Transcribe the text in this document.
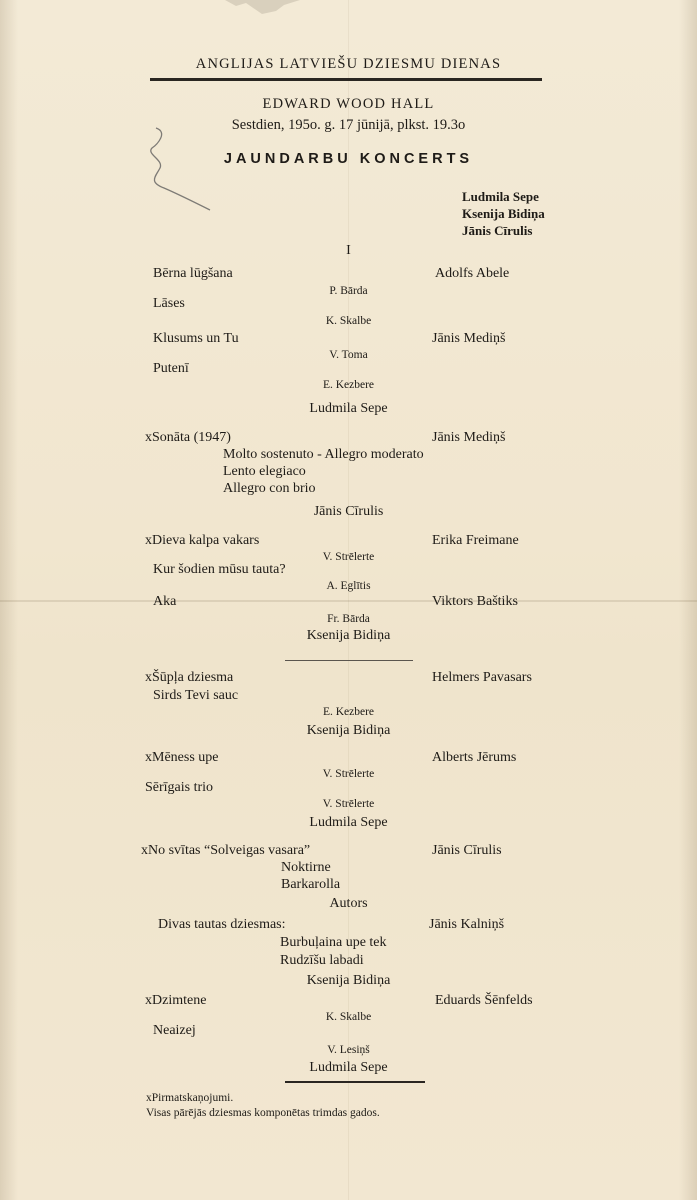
ANGLIJAS LATVIEŠU DZIESMU DIENAS
EDWARD WOOD HALL
Sestdien, 195o. g. 17 jūnijā, plkst. 19.3o
JAUNDARBU KONCERTS
Ludmila Sepe
Ksenija Bidiņa
Jānis Cīrulis
I
Bērna lūgšana	Adolfs Abele
P. Bārda
Lāses
K. Skalbe
Klusums un Tu	Jānis Mediņš
V. Toma
Putenī
E. Kezbere
Ludmila Sepe
xSonāta (1947)	Jānis Mediņš
Molto sostenuto - Allegro moderato
Lento elegiaco
Allegro con brio
Jānis Cīrulis
xDieva kalpa vakars	Erika Freimane
V. Strēlerte
Kur šodien mūsu tauta?
A. Eglītis
Aka	Viktors Baštiks
Fr. Bārda
Ksenija Bidiņa
xŠūpļa dziesma	Helmers Pavasars
Sirds Tevi sauc
E. Kezbere
Ksenija Bidiņa
xMēness upe	Alberts Jērums
V. Strēlerte
Sērīgais trio
V. Strēlerte
Ludmila Sepe
xNo svītas “Solveigas vasara”	Jānis Cīrulis
Noktirne
Barkarolla
Autors
Divas tautas dziesmas:	Jānis Kalniņš
Burbuļaina upe tek
Rudzīšu labadi
Ksenija Bidiņa
xDzimtene	Eduards Šēnfelds
K. Skalbe
Neaizej
V. Lesiņš
Ludmila Sepe
xPirmatskaņojumi.
Visas pārējās dziesmas komponētas trimdas gados.
